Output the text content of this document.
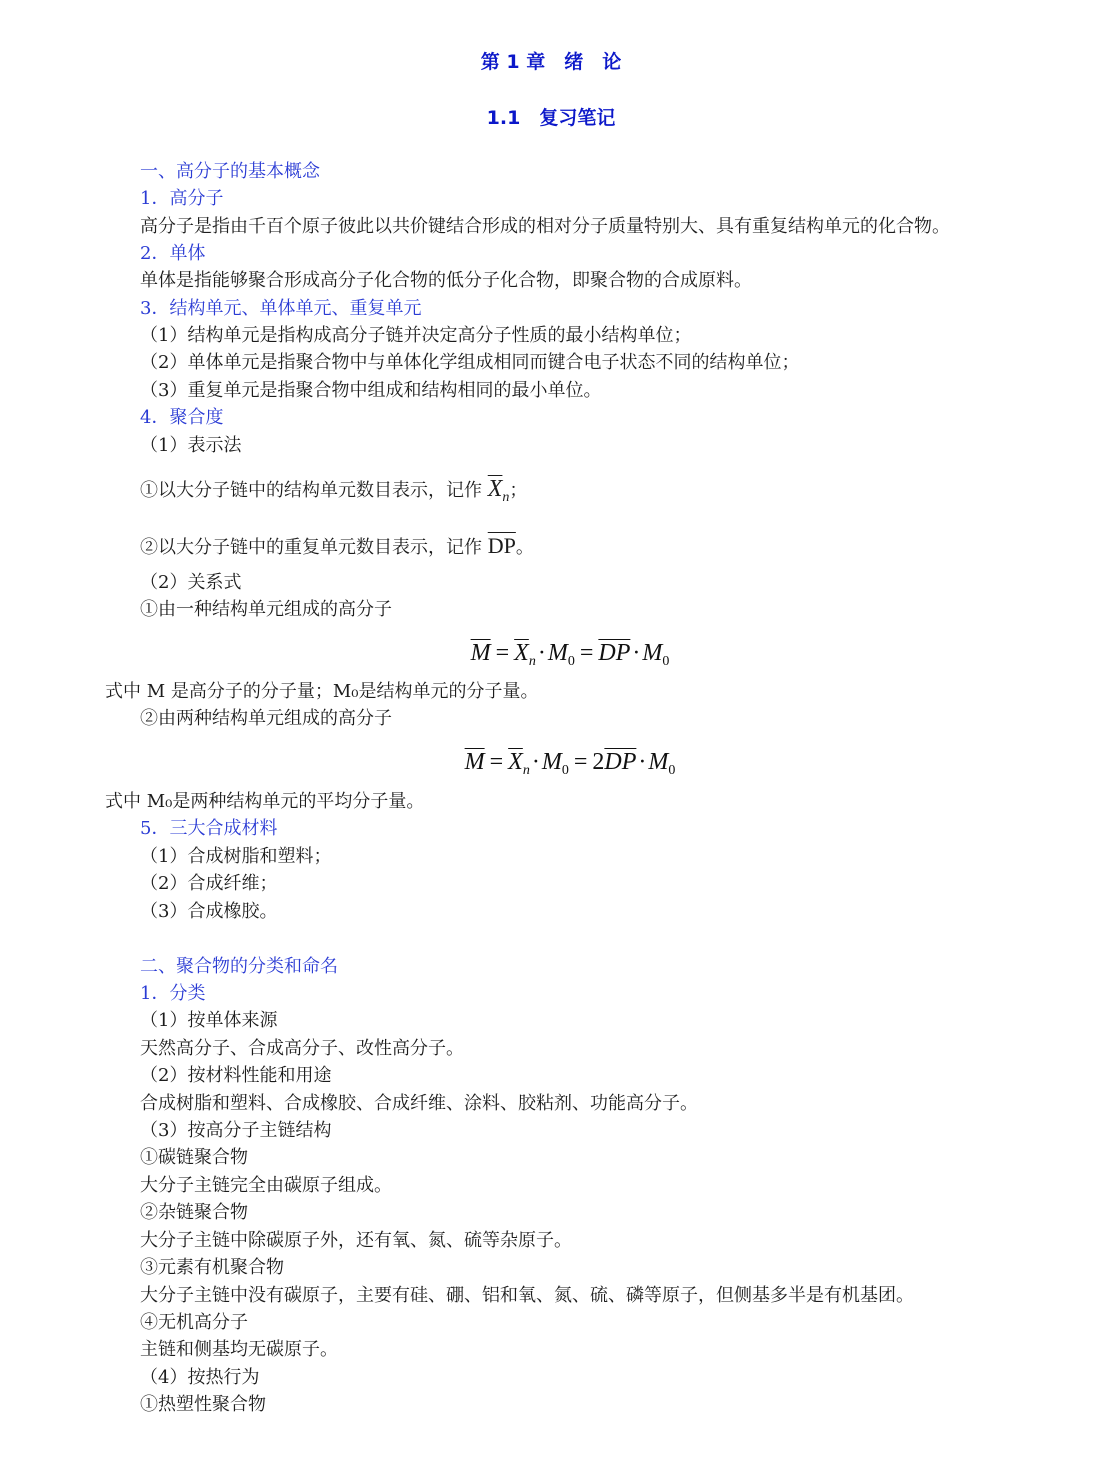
第 1 章　绪　论
1.1　复习笔记
一、高分子的基本概念
1．高分子
高分子是指由千百个原子彼此以共价键结合形成的相对分子质量特别大、具有重复结构单元的化合物。
2．单体
单体是指能够聚合形成高分子化合物的低分子化合物，即聚合物的合成原料。
3．结构单元、单体单元、重复单元
（1）结构单元是指构成高分子链并决定高分子性质的最小结构单位；
（2）单体单元是指聚合物中与单体化学组成相同而键合电子状态不同的结构单位；
（3）重复单元是指聚合物中组成和结构相同的最小单位。
4．聚合度
（1）表示法
①以大分子链中的结构单元数目表示，记作 $\overline{X}_n$；
②以大分子链中的重复单元数目表示，记作 $\overline{DP}$。
（2）关系式
①由一种结构单元组成的高分子
$\overline{M} = \overline{X}_n\cdot M_0 = \overline{DP}\cdot M_0$
式中 M 是高分子的分子量；M₀是结构单元的分子量。
②由两种结构单元组成的高分子
$\overline{M} = \overline{X}_n\cdot M_0 = 2\overline{DP}\cdot M_0$
式中 M₀是两种结构单元的平均分子量。
5．三大合成材料
（1）合成树脂和塑料；
（2）合成纤维；
（3）合成橡胶。
二、聚合物的分类和命名
1．分类
（1）按单体来源
天然高分子、合成高分子、改性高分子。
（2）按材料性能和用途
合成树脂和塑料、合成橡胶、合成纤维、涂料、胶粘剂、功能高分子。
（3）按高分子主链结构
①碳链聚合物
大分子主链完全由碳原子组成。
②杂链聚合物
大分子主链中除碳原子外，还有氧、氮、硫等杂原子。
③元素有机聚合物
大分子主链中没有碳原子，主要有硅、硼、铝和氧、氮、硫、磷等原子，但侧基多半是有机基团。
④无机高分子
主链和侧基均无碳原子。
（4）按热行为
①热塑性聚合物
